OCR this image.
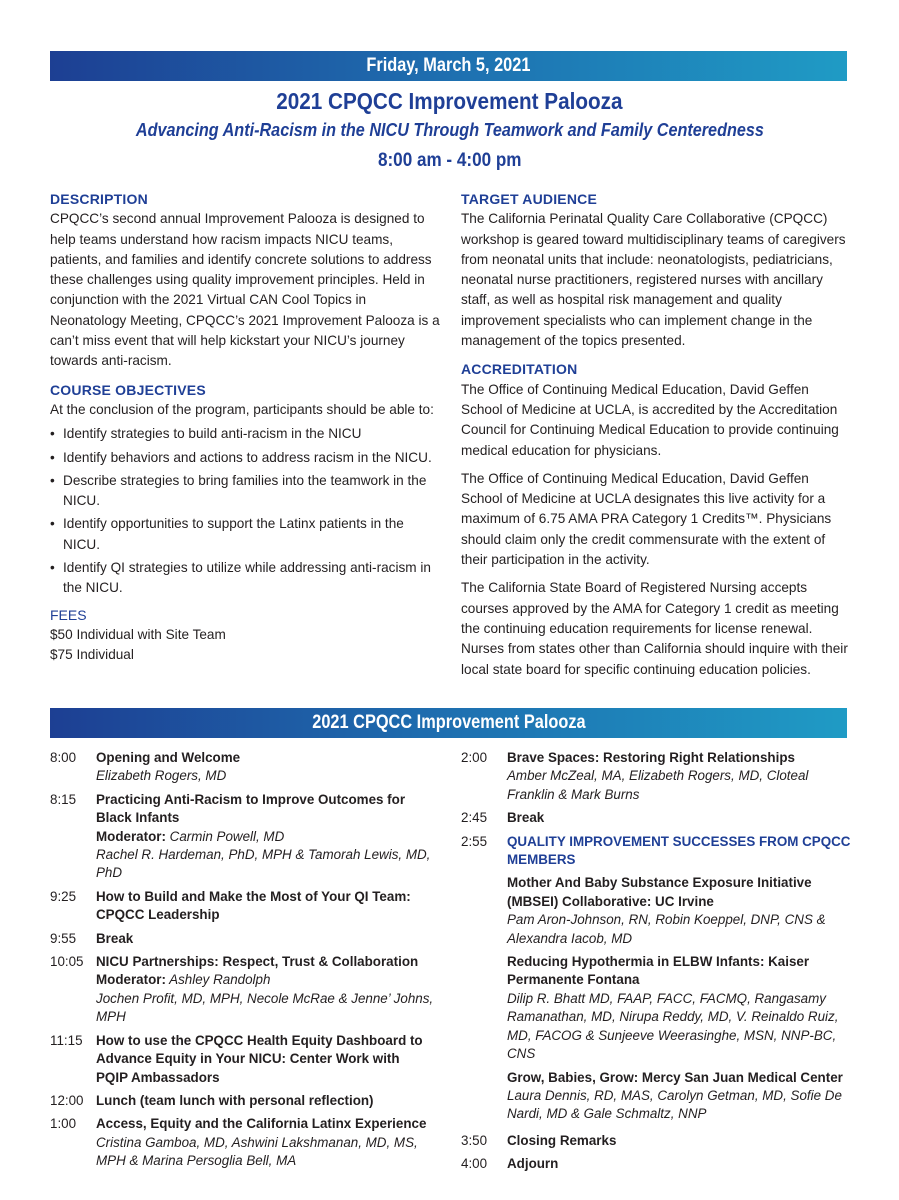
Friday, March 5, 2021
2021 CPQCC Improvement Palooza
Advancing Anti-Racism in the NICU Through Teamwork and Family Centeredness
8:00 am - 4:00 pm

DESCRIPTION

CPQCC’s second annual Improvement Palooza is designed to help teams understand how racism impacts NICU teams, patients, and families and identify concrete solutions to address these challenges using quality improvement principles. Held in conjunction with the 2021 Virtual CAN Cool Topics in Neonatology Meeting, CPQCC’s 2021 Improvement Palooza is a can’t miss event that will help kickstart your NICU’s journey towards anti-racism.

COURSE OBJECTIVES

At the conclusion of the program, participants should be able to:

• Identify strategies to build anti-racism in the NICU
• Identify behaviors and actions to address racism in the NICU.
• Describe strategies to bring families into the teamwork in the NICU.
• Identify opportunities to support the Latinx patients in the NICU.
• Identify QI strategies to utilize while addressing anti-racism in the NICU.

FEES

$50 Individual with Site Team

$75 Individual

TARGET AUDIENCE

The California Perinatal Quality Care Collaborative (CPQCC) workshop is geared toward multidisciplinary teams of caregivers from neonatal units that include: neonatologists, pediatricians, neonatal nurse practitioners, registered nurses with ancillary staff, as well as hospital risk management and quality improvement specialists who can implement change in the management of the topics presented.

ACCREDITATION

The Office of Continuing Medical Education, David Geffen School of Medicine at UCLA, is accredited by the Accreditation Council for Continuing Medical Education to provide continuing medical education for physicians.

The Office of Continuing Medical Education, David Geffen School of Medicine at UCLA designates this live activity for a maximum of 6.75 AMA PRA Category 1 Credits™. Physicians should claim only the credit commensurate with the extent of their participation in the activity.

The California State Board of Registered Nursing accepts courses approved by the AMA for Category 1 credit as meeting the continuing education requirements for license renewal. Nurses from states other than California should inquire with their local state board for specific continuing education policies.

2021 CPQCC Improvement Palooza
8:00 Opening and Welcome
Elizabeth Rogers, MD
8:15 Practicing Anti-Racism to Improve Outcomes for Black Infants
Moderator: Carmin Powell, MD
Rachel R. Hardeman, PhD, MPH & Tamorah Lewis, MD, PhD
9:25 How to Build and Make the Most of Your QI Team: CPQCC Leadership
9:55 Break
10:05 NICU Partnerships: Respect, Trust & Collaboration
Moderator: Ashley Randolph
Jochen Profit, MD, MPH, Necole McRae & Jenne’ Johns, MPH
11:15 How to use the CPQCC Health Equity Dashboard to Advance Equity in Your NICU: Center Work with PQIP Ambassadors
12:00 Lunch (team lunch with personal reflection)
1:00 Access, Equity and the California Latinx Experience
Cristina Gamboa, MD, Ashwini Lakshmanan, MD, MS, MPH & Marina Persoglia Bell, MA
2:00 Brave Spaces: Restoring Right Relationships
Amber McZeal, MA, Elizabeth Rogers, MD, Cloteal Franklin & Mark Burns
2:45 Break
2:55 QUALITY IMPROVEMENT SUCCESSES FROM CPQCC MEMBERS
Mother And Baby Substance Exposure Initiative (MBSEI) Collaborative: UC Irvine
Pam Aron-Johnson, RN, Robin Koeppel, DNP, CNS & Alexandra Iacob, MD
Reducing Hypothermia in ELBW Infants: Kaiser Permanente Fontana
Dilip R. Bhatt MD, FAAP, FACC, FACMQ, Rangasamy Ramanathan, MD, Nirupa Reddy, MD, V. Reinaldo Ruiz, MD, FACOG & Sunjeeve Weerasinghe, MSN, NNP-BC, CNS
Grow, Babies, Grow: Mercy San Juan Medical Center
Laura Dennis, RD, MAS, Carolyn Getman, MD, Sofie De Nardi, MD & Gale Schmaltz, NNP
3:50 Closing Remarks
4:00 Adjourn
